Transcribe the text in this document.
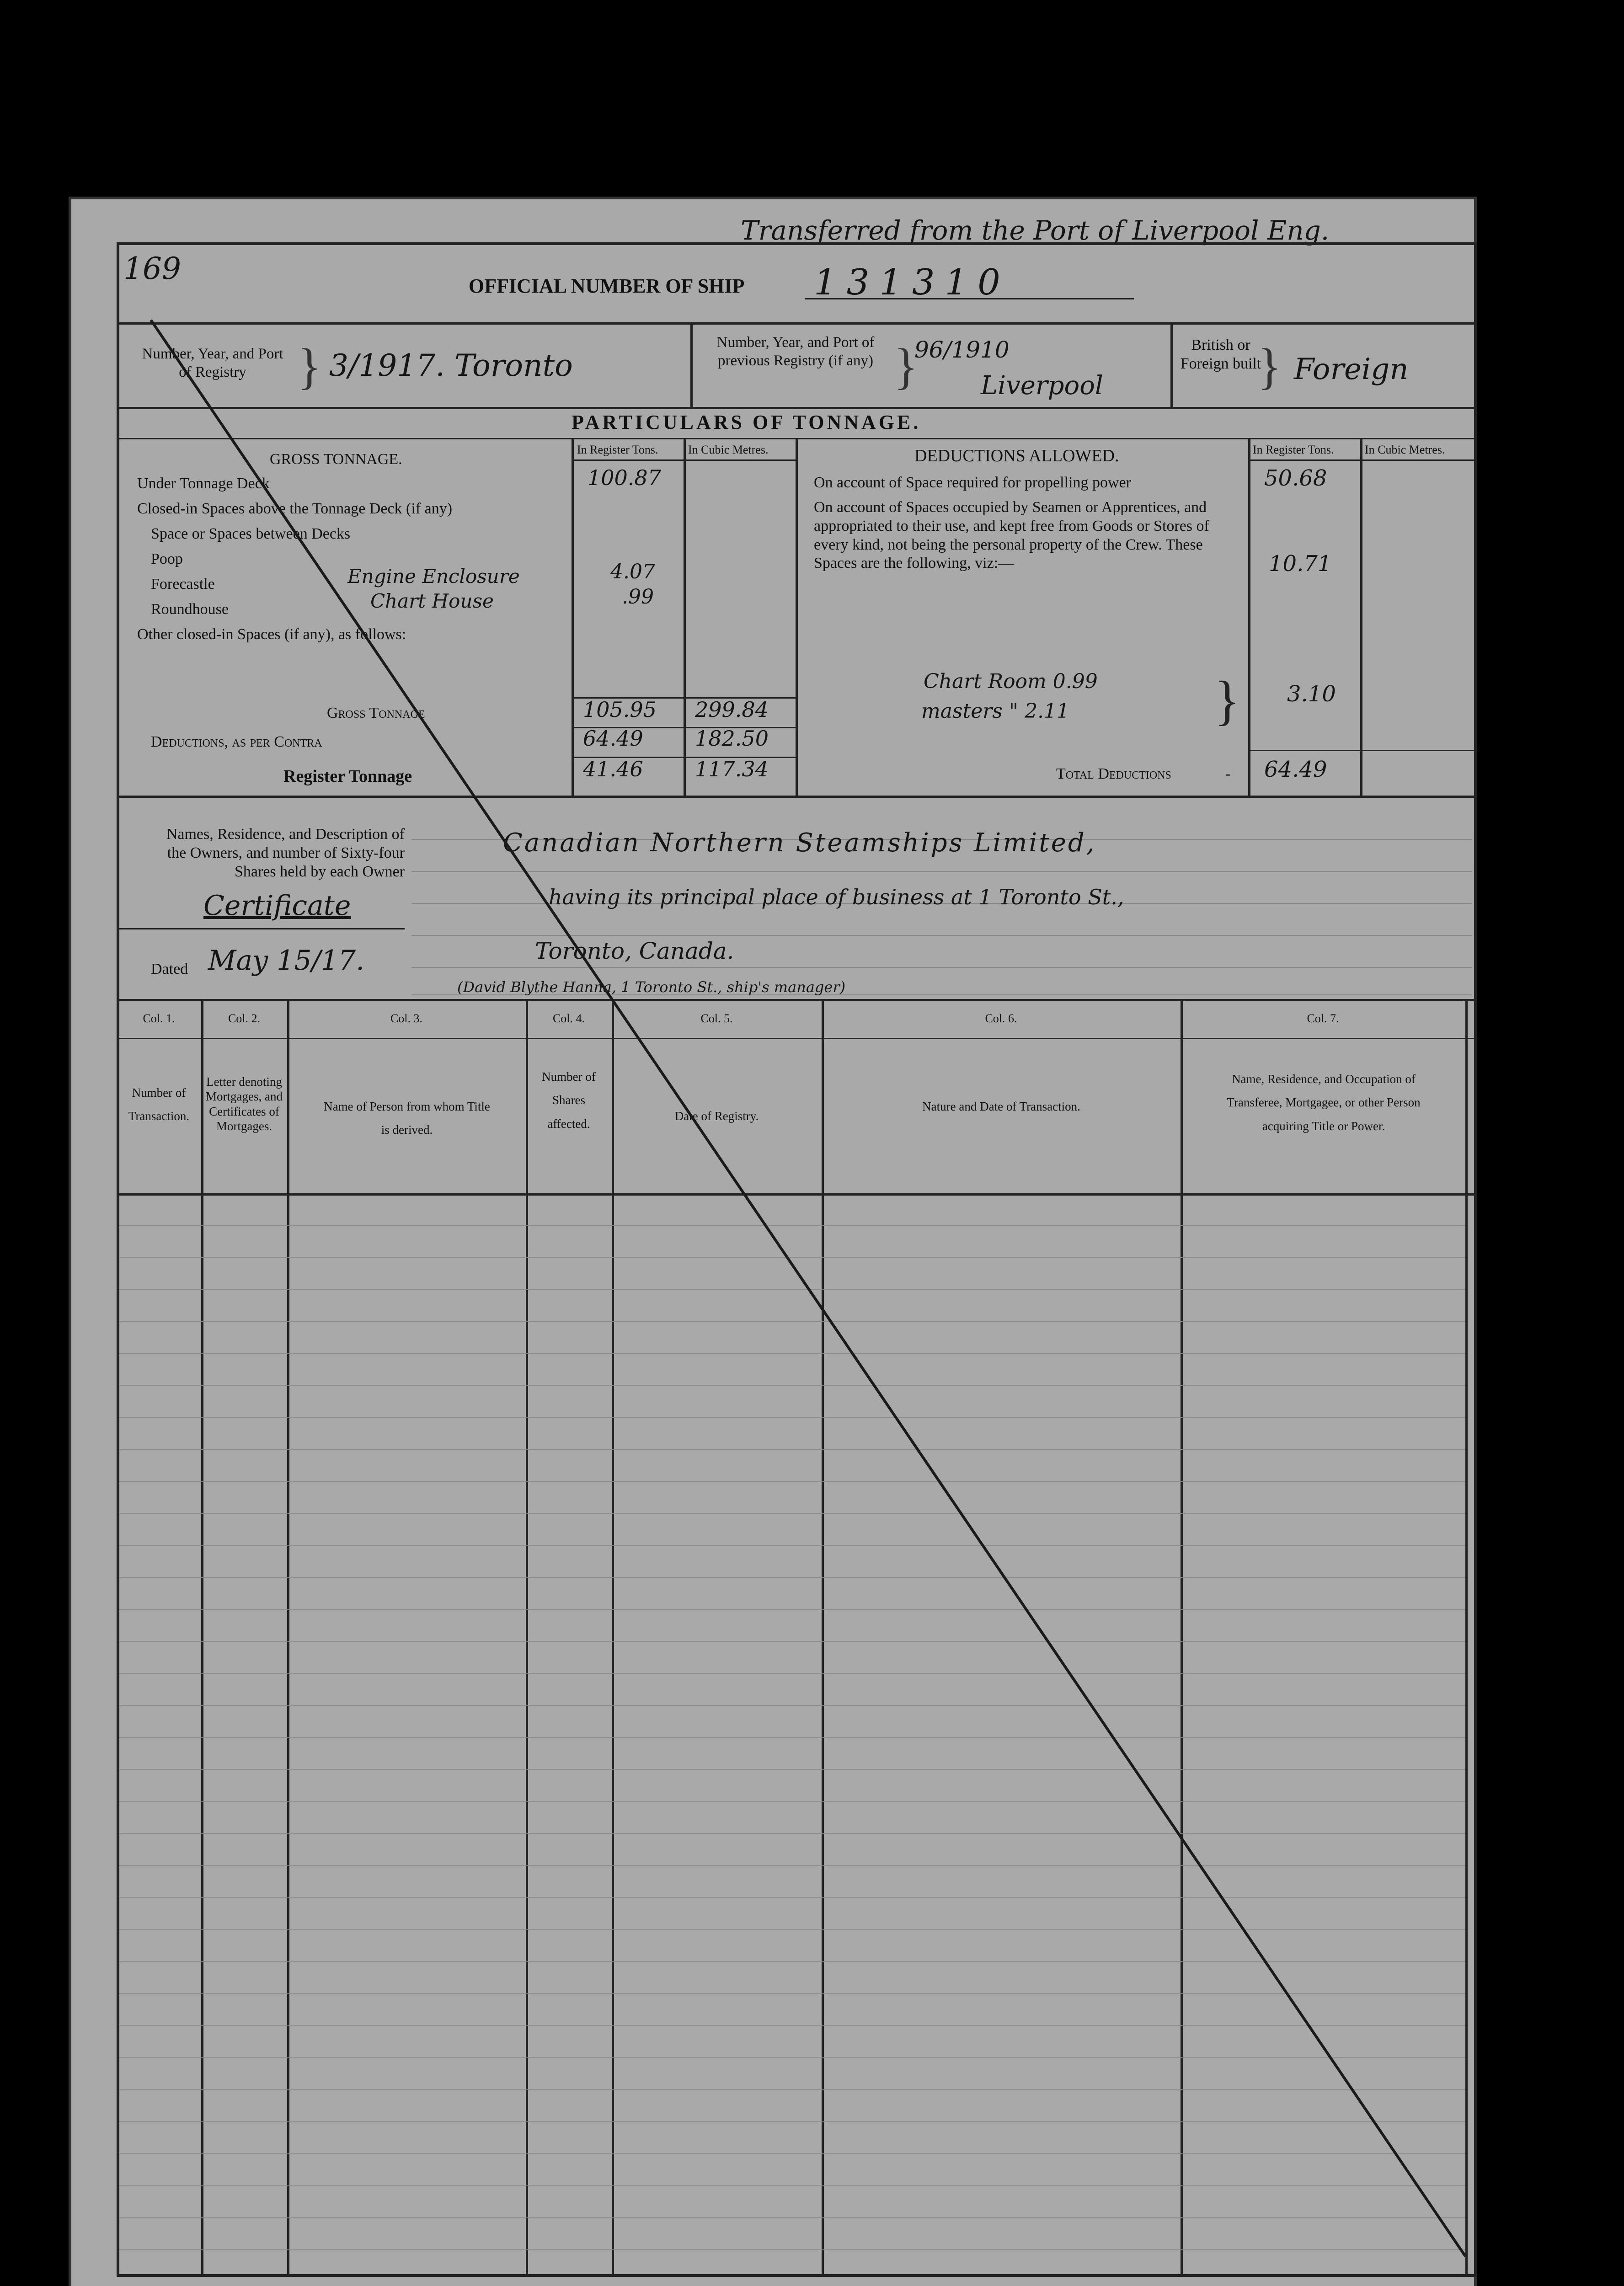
Transferred from the Port of Liverpool Eng.
169	OFFICIAL NUMBER OF SHIP 131310
Number, Year, and Port of Registry	} 3/1917. Toronto
Number, Year, and Port of previous Registry (if any) }
96/1910
Liverpool
British or Foreign built
} Foreign
PARTICULARS OF TONNAGE.
GROSS TONNAGE.
In Register Tons.	In Cubic Metres.
Under Tonnage Deck	100.87
Closed-in Spaces above the Tonnage Deck (if any)
Space or Spaces between Decks
Poop
Forecastle	Engine Enclosure	4.07
Roundhouse	Chart House	.99
Other closed-in Spaces (if any), as follows:
Gross Tonnage	105.95 299.84
Deductions, as per Contra	64.49 182.50
Register Tonnage	41.46 117.34
DEDUCTIONS ALLOWED.	In Register Tons.	In Cubic Metres.
On account of Space required for propelling power	50.68
On account of Spaces occupied by Seamen or Apprentices, and appropriated to their use, and kept free from Goods or Stores of every kind, not being the personal property of the Crew. These Spaces are the following, viz:—	10.71
Chart Room 0.99
masters " 2.11	} 3.10
Total Deductions	- 64.49
Names, Residence, and Description of the Owners, and number of Sixty-four Shares held by each Owner
Certificate
Dated May 15/17.
Canadian Northern Steamships Limited,
having its principal place of business at 1 Toronto St.,
Toronto, Canada.
(David Blythe Hanna, 1 Toronto St., ship's manager)
Col. 1.
Number of Transaction.
Col. 2.
Letter denoting Mortgages, and Certificates of Mortgages.
Col. 3.
Name of Person from whom Title is derived.
Col. 4.
Number of Shares affected.
Col. 5.
Date of Registry.
Col. 6.
Nature and Date of Transaction.
Col. 7.
Name, Residence, and Occupation of Transferee, Mortgagee, or other Person acquiring Title or Power.
